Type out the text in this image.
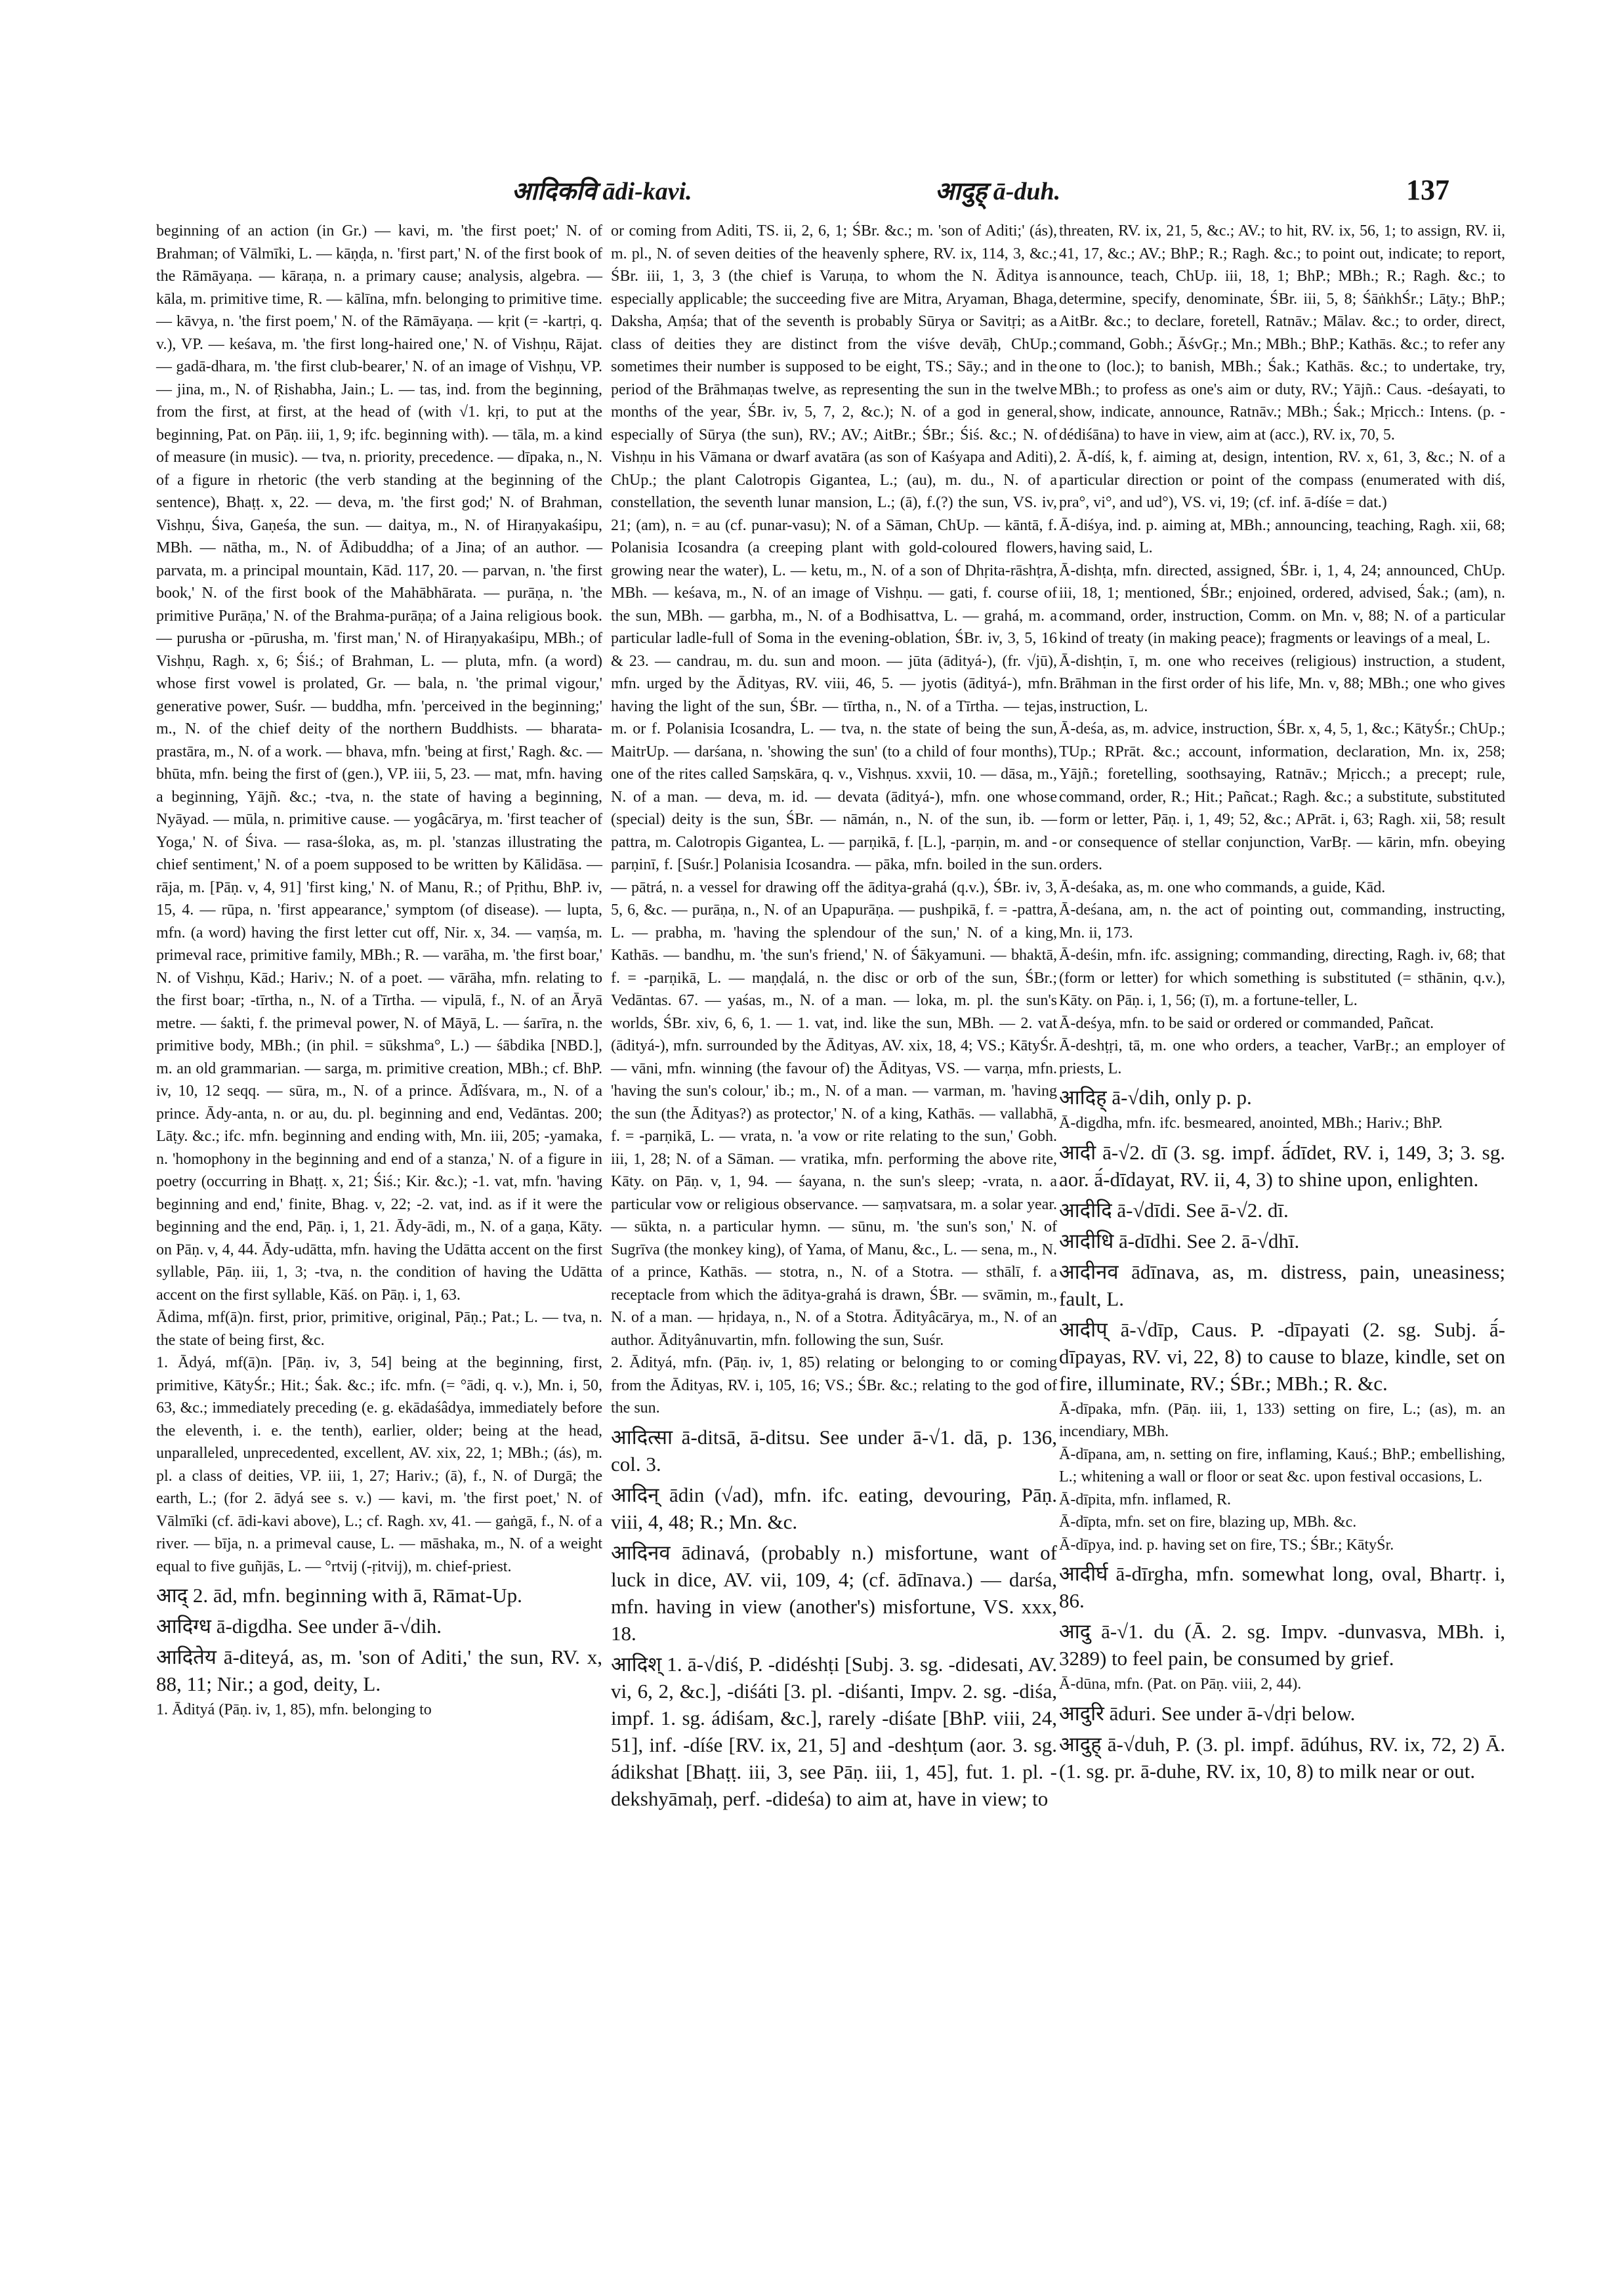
आदिकवि ādi-kavi.	आदुह् ā-duh.	137

beginning of an action (in Gr.) — kavi, m. 'the first poet;' N. of Brahman; of Vālmīki, L. — kāṇḍa, n. 'first part,' N. of the first book of the Rāmāyaṇa. — kāraṇa, n. a primary cause; analysis, algebra. — kāla, m. primitive time, R. — kālīna, mfn. belonging to primitive time. — kāvya, n. 'the first poem,' N. of the Rāmāyaṇa. — kṛit (= -kartṛi, q. v.), VP. — keśava, m. 'the first long-haired one,' N. of Vishṇu, Rājat. — gadā-dhara, m. 'the first club-bearer,' N. of an image of Vishṇu, VP. — jina, m., N. of Ṛishabha, Jain.; L. — tas, ind. from the beginning, from the first, at first, at the head of (with √1. kṛi, to put at the beginning, Pat. on Pāṇ. iii, 1, 9; ifc. beginning with). — tāla, m. a kind of measure (in music). — tva, n. priority, precedence. — dīpaka, n., N. of a figure in rhetoric (the verb standing at the beginning of the sentence), Bhaṭṭ. x, 22. — deva, m. 'the first god;' N. of Brahman, Vishṇu, Śiva, Gaṇeśa, the sun. — daitya, m., N. of Hiraṇyakaśipu, MBh. — nātha, m., N. of Ādibuddha; of a Jina; of an author. — parvata, m. a principal mountain, Kād. 117, 20. — parvan, n. 'the first book,' N. of the first book of the Mahābhārata. — purāṇa, n. 'the primitive Purāṇa,' N. of the Brahma-purāṇa; of a Jaina religious book. — purusha or -pūrusha, m. 'first man,' N. of Hiraṇyakaśipu, MBh.; of Vishṇu, Ragh. x, 6; Śiś.; of Brahman, L. — pluta, mfn. (a word) whose first vowel is prolated, Gr. — bala, n. 'the primal vigour,' generative power, Suśr. — buddha, mfn. 'perceived in the beginning;' m., N. of the chief deity of the northern Buddhists. — bharata-prastāra, m., N. of a work. — bhava, mfn. 'being at first,' Ragh. &c. — bhūta, mfn. being the first of (gen.), VP. iii, 5, 23. — mat, mfn. having a beginning, Yājñ. &c.; -tva, n. the state of having a beginning, Nyāyad. — mūla, n. primitive cause. — yogâcārya, m. 'first teacher of Yoga,' N. of Śiva. — rasa-śloka, as, m. pl. 'stanzas illustrating the chief sentiment,' N. of a poem supposed to be written by Kālidāsa. — rāja, m. [Pāṇ. v, 4, 91] 'first king,' N. of Manu, R.; of Pṛithu, BhP. iv, 15, 4. — rūpa, n. 'first appearance,' symptom (of disease). — lupta, mfn. (a word) having the first letter cut off, Nir. x, 34. — vaṃśa, m. primeval race, primitive family, MBh.; R. — varāha, m. 'the first boar,' N. of Vishṇu, Kād.; Hariv.; N. of a poet. — vārāha, mfn. relating to the first boar; -tīrtha, n., N. of a Tīrtha. — vipulā, f., N. of an Āryā metre. — śakti, f. the primeval power, N. of Māyā, L. — śarīra, n. the primitive body, MBh.; (in phil. = sūkshma°, L.) — śābdika [NBD.], m. an old grammarian. — sarga, m. primitive creation, MBh.; cf. BhP. iv, 10, 12 seqq. — sūra, m., N. of a prince. Ādîśvara, m., N. of a prince. Ādy-anta, n. or au, du. pl. beginning and end, Vedāntas. 200; Lāṭy. &c.; ifc. mfn. beginning and ending with, Mn. iii, 205; -yamaka, n. 'homophony in the beginning and end of a stanza,' N. of a figure in poetry (occurring in Bhaṭṭ. x, 21; Śiś.; Kir. &c.); -1. vat, mfn. 'having beginning and end,' finite, Bhag. v, 22; -2. vat, ind. as if it were the beginning and the end, Pāṇ. i, 1, 21. Ādy-ādi, m., N. of a gaṇa, Kāty. on Pāṇ. v, 4, 44. Ādy-udātta, mfn. having the Udātta accent on the first syllable, Pāṇ. iii, 1, 3; -tva, n. the condition of having the Udātta accent on the first syllable, Kāś. on Pāṇ. i, 1, 63.

Ādima, mf(ā)n. first, prior, primitive, original, Pāṇ.; Pat.; L. — tva, n. the state of being first, &c.

1. Ādyá, mf(ā)n. [Pāṇ. iv, 3, 54] being at the beginning, first, primitive, KātyŚr.; Hit.; Śak. &c.; ifc. mfn. (= °ādi, q. v.), Mn. i, 50, 63, &c.; immediately preceding (e. g. ekādaśâdya, immediately before the eleventh, i. e. the tenth), earlier, older; being at the head, unparalleled, unprecedented, excellent, AV. xix, 22, 1; MBh.; (ás), m. pl. a class of deities, VP. iii, 1, 27; Hariv.; (ā), f., N. of Durgā; the earth, L.; (for 2. ādyá see s. v.) — kavi, m. 'the first poet,' N. of Vālmīki (cf. ādi-kavi above), L.; cf. Ragh. xv, 41. — gaṅgā, f., N. of a river. — bīja, n. a primeval cause, L. — māshaka, m., N. of a weight equal to five guñjās, L. — °rtvij (-ṛitvij), m. chief-priest.

आद् 2. ād, mfn. beginning with ā, Rāmat-Up.

आदिग्ध ā-digdha. See under ā-√dih.

आदितेय ā-diteyá, as, m. 'son of Aditi,' the sun, RV. x, 88, 11; Nir.; a god, deity, L.

1. Ādityá (Pāṇ. iv, 1, 85), mfn. belonging to

or coming from Aditi, TS. ii, 2, 6, 1; ŚBr. &c.; m. 'son of Aditi;' (ás), m. pl., N. of seven deities of the heavenly sphere, RV. ix, 114, 3, &c.; ŚBr. iii, 1, 3, 3 (the chief is Varuṇa, to whom the N. Āditya is especially applicable; the succeeding five are Mitra, Aryaman, Bhaga, Daksha, Aṃśa; that of the seventh is probably Sūrya or Savitṛi; as a class of deities they are distinct from the viśve devāḥ, ChUp.; sometimes their number is supposed to be eight, TS.; Sāy.; and in the period of the Brāhmaṇas twelve, as representing the sun in the twelve months of the year, ŚBr. iv, 5, 7, 2, &c.); N. of a god in general, especially of Sūrya (the sun), RV.; AV.; AitBr.; ŚBr.; Śiś. &c.; N. of Vishṇu in his Vāmana or dwarf avatāra (as son of Kaśyapa and Aditi), ChUp.; the plant Calotropis Gigantea, L.; (au), m. du., N. of a constellation, the seventh lunar mansion, L.; (ā), f.(?) the sun, VS. iv, 21; (am), n. = au (cf. punar-vasu); N. of a Sāman, ChUp. — kāntā, f. Polanisia Icosandra (a creeping plant with gold-coloured flowers, growing near the water), L. — ketu, m., N. of a son of Dhṛita-rāshṭra, MBh. — keśava, m., N. of an image of Vishṇu. — gati, f. course of the sun, MBh. — garbha, m., N. of a Bodhisattva, L. — grahá, m. a particular ladle-full of Soma in the evening-oblation, ŚBr. iv, 3, 5, 16 & 23. — candrau, m. du. sun and moon. — jūta (ādityá-), (fr. √jū), mfn. urged by the Ādityas, RV. viii, 46, 5. — jyotis (ādityá-), mfn. having the light of the sun, ŚBr. — tīrtha, n., N. of a Tīrtha. — tejas, m. or f. Polanisia Icosandra, L. — tva, n. the state of being the sun, MaitrUp. — darśana, n. 'showing the sun' (to a child of four months), one of the rites called Saṃskāra, q. v., Vishṇus. xxvii, 10. — dāsa, m., N. of a man. — deva, m. id. — devata (ādityá-), mfn. one whose (special) deity is the sun, ŚBr. — nāmán, n., N. of the sun, ib. — pattra, m. Calotropis Gigantea, L. — parṇikā, f. [L.], -parṇin, m. and -parṇinī, f. [Suśr.] Polanisia Icosandra. — pāka, mfn. boiled in the sun. — pātrá, n. a vessel for drawing off the āditya-grahá (q.v.), ŚBr. iv, 3, 5, 6, &c. — purāṇa, n., N. of an Upapurāṇa. — pushpikā, f. = -pattra, L. — prabha, m. 'having the splendour of the sun,' N. of a king, Kathās. — bandhu, m. 'the sun's friend,' N. of Śākyamuni. — bhaktā, f. = -parṇikā, L. — maṇḍalá, n. the disc or orb of the sun, ŚBr.; Vedāntas. 67. — yaśas, m., N. of a man. — loka, m. pl. the sun's worlds, ŚBr. xiv, 6, 6, 1. — 1. vat, ind. like the sun, MBh. — 2. vat (ādityá-), mfn. surrounded by the Ādityas, AV. xix, 18, 4; VS.; KātyŚr. — vāni, mfn. winning (the favour of) the Ādityas, VS. — varṇa, mfn. 'having the sun's colour,' ib.; m., N. of a man. — varman, m. 'having the sun (the Ādityas?) as protector,' N. of a king, Kathās. — vallabhā, f. = -parṇikā, L. — vrata, n. 'a vow or rite relating to the sun,' Gobh. iii, 1, 28; N. of a Sāman. — vratika, mfn. performing the above rite, Kāty. on Pāṇ. v, 1, 94. — śayana, n. the sun's sleep; -vrata, n. a particular vow or religious observance. — saṃvatsara, m. a solar year. — sūkta, n. a particular hymn. — sūnu, m. 'the sun's son,' N. of Sugrīva (the monkey king), of Yama, of Manu, &c., L. — sena, m., N. of a prince, Kathās. — stotra, n., N. of a Stotra. — sthālī, f. a receptacle from which the āditya-grahá is drawn, ŚBr. — svāmin, m., N. of a man. — hṛidaya, n., N. of a Stotra. Ādityâcārya, m., N. of an author. Ādityânuvartin, mfn. following the sun, Suśr.

2. Ādityá, mfn. (Pāṇ. iv, 1, 85) relating or belonging to or coming from the Ādityas, RV. i, 105, 16; VS.; ŚBr. &c.; relating to the god of the sun.

आदित्सा ā-ditsā, ā-ditsu. See under ā-√1. dā, p. 136, col. 3.

आदिन् ādin (√ad), mfn. ifc. eating, devouring, Pāṇ. viii, 4, 48; R.; Mn. &c.

आदिनव ādinavá, (probably n.) misfortune, want of luck in dice, AV. vii, 109, 4; (cf. ādīnava.) — darśa, mfn. having in view (another's) misfortune, VS. xxx, 18.

आदिश् 1. ā-√diś, P. -didéshṭi [Subj. 3. sg. -didesati, AV. vi, 6, 2, &c.], -diśáti [3. pl. -diśanti, Impv. 2. sg. -diśa, impf. 1. sg. ádiśam, &c.], rarely -diśate [BhP. viii, 24, 51], inf. -díśe [RV. ix, 21, 5] and -deshṭum (aor. 3. sg. ádikshat [Bhaṭṭ. iii, 3, see Pāṇ. iii, 1, 45], fut. 1. pl. -dekshyāmaḥ, perf. -dideśa) to aim at, have in view; to

threaten, RV. ix, 21, 5, &c.; AV.; to hit, RV. ix, 56, 1; to assign, RV. ii, 41, 17, &c.; AV.; BhP.; R.; Ragh. &c.; to point out, indicate; to report, announce, teach, ChUp. iii, 18, 1; BhP.; MBh.; R.; Ragh. &c.; to determine, specify, denominate, ŚBr. iii, 5, 8; ŚāṅkhŚr.; Lāṭy.; BhP.; AitBr. &c.; to declare, foretell, Ratnāv.; Mālav. &c.; to order, direct, command, Gobh.; ĀśvGṛ.; Mn.; MBh.; BhP.; Kathās. &c.; to refer any one to (loc.); to banish, MBh.; Śak.; Kathās. &c.; to undertake, try, MBh.; to profess as one's aim or duty, RV.; Yājñ.: Caus. -deśayati, to show, indicate, announce, Ratnāv.; MBh.; Śak.; Mṛicch.: Intens. (p. -dédiśāna) to have in view, aim at (acc.), RV. ix, 70, 5.

2. Ā-díś, k, f. aiming at, design, intention, RV. x, 61, 3, &c.; N. of a particular direction or point of the compass (enumerated with diś, pra°, vi°, and ud°), VS. vi, 19; (cf. inf. ā-díśe = dat.)

Ā-diśya, ind. p. aiming at, MBh.; announcing, teaching, Ragh. xii, 68; having said, L.

Ā-dishṭa, mfn. directed, assigned, ŚBr. i, 1, 4, 24; announced, ChUp. iii, 18, 1; mentioned, ŚBr.; enjoined, ordered, advised, Śak.; (am), n. command, order, instruction, Comm. on Mn. v, 88; N. of a particular kind of treaty (in making peace); fragments or leavings of a meal, L.

Ā-dishṭin, ī, m. one who receives (religious) instruction, a student, Brāhman in the first order of his life, Mn. v, 88; MBh.; one who gives instruction, L.

Ā-deśa, as, m. advice, instruction, ŚBr. x, 4, 5, 1, &c.; KātyŚr.; ChUp.; TUp.; RPrāt. &c.; account, information, declaration, Mn. ix, 258; Yājñ.; foretelling, soothsaying, Ratnāv.; Mṛicch.; a precept; rule, command, order, R.; Hit.; Pañcat.; Ragh. &c.; a substitute, substituted form or letter, Pāṇ. i, 1, 49; 52, &c.; APrāt. i, 63; Ragh. xii, 58; result or consequence of stellar conjunction, VarBṛ. — kārin, mfn. obeying orders.

Ā-deśaka, as, m. one who commands, a guide, Kād.

Ā-deśana, am, n. the act of pointing out, commanding, instructing, Mn. ii, 173.

Ā-deśin, mfn. ifc. assigning; commanding, directing, Ragh. iv, 68; that (form or letter) for which something is substituted (= sthānin, q.v.), Kāty. on Pāṇ. i, 1, 56; (ī), m. a fortune-teller, L.

Ā-deśya, mfn. to be said or ordered or commanded, Pañcat.

Ā-deshṭṛi, tā, m. one who orders, a teacher, VarBṛ.; an employer of priests, L.

आदिह् ā-√dih, only p. p.

Ā-digdha, mfn. ifc. besmeared, anointed, MBh.; Hariv.; BhP.

आदी ā-√2. dī (3. sg. impf. ā́dīdet, RV. i, 149, 3; 3. sg. aor. ā́-dīdayat, RV. ii, 4, 3) to shine upon, enlighten.

आदीदि ā-√dīdi. See ā-√2. dī.

आदीधि ā-dīdhi. See 2. ā-√dhī.

आदीनव ādīnava, as, m. distress, pain, uneasiness; fault, L.

आदीप् ā-√dīp, Caus. P. -dīpayati (2. sg. Subj. ā́-dīpayas, RV. vi, 22, 8) to cause to blaze, kindle, set on fire, illuminate, RV.; ŚBr.; MBh.; R. &c.

Ā-dīpaka, mfn. (Pāṇ. iii, 1, 133) setting on fire, L.; (as), m. an incendiary, MBh.

Ā-dīpana, am, n. setting on fire, inflaming, Kauś.; BhP.; embellishing, L.; whitening a wall or floor or seat &c. upon festival occasions, L.

Ā-dīpita, mfn. inflamed, R.

Ā-dīpta, mfn. set on fire, blazing up, MBh. &c.

Ā-dīpya, ind. p. having set on fire, TS.; ŚBr.; KātyŚr.

आदीर्घ ā-dīrgha, mfn. somewhat long, oval, Bhartṛ. i, 86.

आदु ā-√1. du (Ā. 2. sg. Impv. -dunvasva, MBh. i, 3289) to feel pain, be consumed by grief.

Ā-dūna, mfn. (Pat. on Pāṇ. viii, 2, 44).

आदुरि āduri. See under ā-√dṛi below.

आदुह् ā-√duh, P. (3. pl. impf. ādúhus, RV. ix, 72, 2) Ā. (1. sg. pr. ā-duhe, RV. ix, 10, 8) to milk near or out.
